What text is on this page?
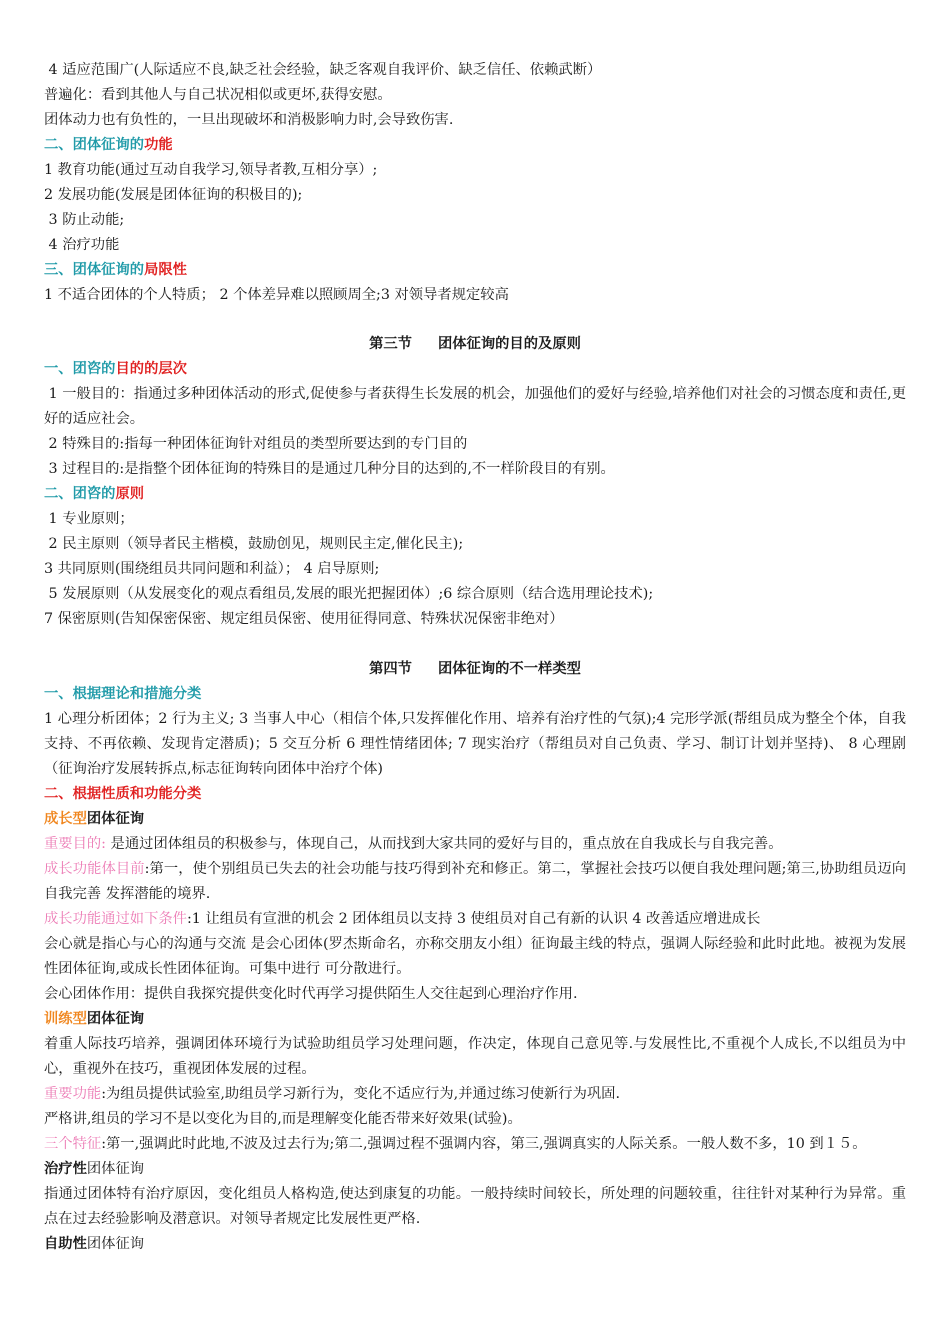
4 适应范围广(人际适应不良,缺乏社会经验，缺乏客观自我评价、缺乏信任、依赖武断）

普遍化：看到其他人与自己状况相似或更坏,获得安慰。

团体动力也有负性的，一旦出现破坏和消极影响力时,会导致伤害.

二、团体征询的功能

1 教育功能(通过互动自我学习,领导者教,互相分享）;

2 发展功能(发展是团体征询的积极目的);

3 防止动能;

4 治疗功能

三、团体征询的局限性

1 不适合团体的个人特质； 2 个体差异难以照顾周全;3 对领导者规定较高

第三节 团体征询的目的及原则

一、团咨的目的的层次

1 一般目的：指通过多种团体活动的形式,促使参与者获得生长发展的机会，加强他们的爱好与经验,培养他们对社会的习惯态度和责任,更好的适应社会。

2 特殊目的:指每一种团体征询针对组员的类型所要达到的专门目的

3 过程目的:是指整个团体征询的特殊目的是通过几种分目的达到的,不一样阶段目的有别。

二、团咨的原则

1 专业原则；

2 民主原则（领导者民主楷模，鼓励创见，规则民主定,催化民主);

3 共同原则(围绕组员共同问题和利益）； 4 启导原则;

5 发展原则（从发展变化的观点看组员,发展的眼光把握团体）;6 综合原则（结合选用理论技术);

7 保密原则(告知保密保密、规定组员保密、使用征得同意、特殊状况保密非绝对）

第四节 团体征询的不一样类型

一、根据理论和措施分类

1 心理分析团体；2 行为主义; 3 当事人中心（相信个体,只发挥催化作用、培养有治疗性的气氛);4 完形学派(帮组员成为整全个体，自我支持、不再依赖、发现肯定潜质)；5 交互分析 6 理性情绪团体; 7 现实治疗（帮组员对自己负责、学习、制订计划并坚持)、 8 心理剧（征询治疗发展转拆点,标志征询转向团体中治疗个体)

二、根据性质和功能分类

成长型团体征询

重要目的: 是通过团体组员的积极参与，体现自己，从而找到大家共同的爱好与目的，重点放在自我成长与自我完善。

成长功能体目前:第一，使个别组员已失去的社会功能与技巧得到补充和修正。第二，掌握社会技巧以便自我处理问题;第三,协助组员迈向自我完善 发挥潜能的境界.

成长功能通过如下条件:1 让组员有宣泄的机会 2 团体组员以支持 3 使组员对自己有新的认识 4 改善适应增进成长

会心就是指心与心的沟通与交流 是会心团体(罗杰斯命名，亦称交朋友小组）征询最主线的特点，强调人际经验和此时此地。被视为发展性团体征询,或成长性团体征询。可集中进行 可分散进行。

会心团体作用：提供自我探究提供变化时代再学习提供陌生人交往起到心理治疗作用.

训练型团体征询

着重人际技巧培养，强调团体环境行为试验助组员学习处理问题，作决定，体现自己意见等.与发展性比,不重视个人成长,不以组员为中心，重视外在技巧，重视团体发展的过程。

重要功能:为组员提供试验室,助组员学习新行为，变化不适应行为,并通过练习使新行为巩固.

严格讲,组员的学习不是以变化为目的,而是理解变化能否带来好效果(试验)。

三个特征:第一,强调此时此地,不波及过去行为;第二,强调过程不强调内容，第三,强调真实的人际关系。一般人数不多，10 到１５。

治疗性团体征询

指通过团体特有治疗原因，变化组员人格构造,使达到康复的功能。一般持续时间较长，所处理的问题较重，往往针对某种行为异常。重点在过去经验影响及潜意识。对领导者规定比发展性更严格.

自助性团体征询
